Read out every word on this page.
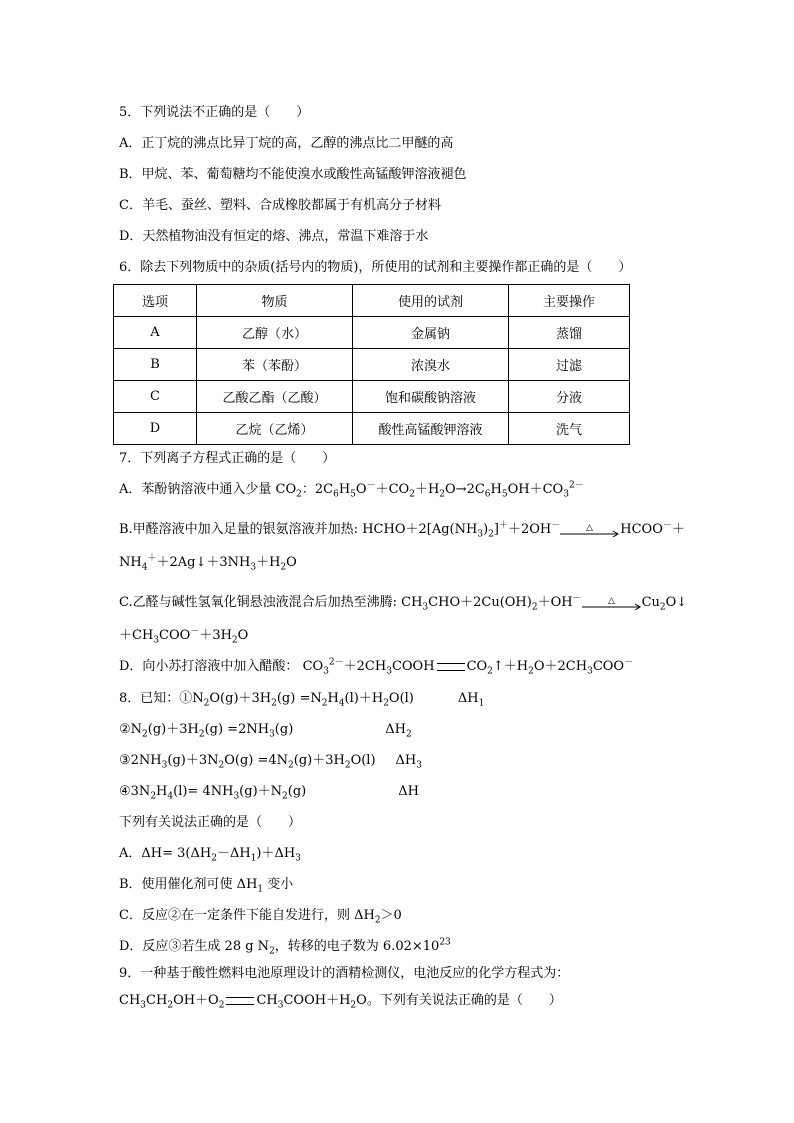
5．下列说法不正确的是（　　）
A．正丁烷的沸点比异丁烷的高，乙醇的沸点比二甲醚的高
B．甲烷、苯、葡萄糖均不能使溴水或酸性高锰酸钾溶液褪色
C．羊毛、蚕丝、塑料、合成橡胶都属于有机高分子材料
D．天然植物油没有恒定的熔、沸点，常温下难溶于水
6．除去下列物质中的杂质(括号内的物质)，所使用的试剂和主要操作都正确的是（　　）
选项	物质	使用的试剂	主要操作
A	乙醇（水）	金属钠	蒸馏
B	苯（苯酚）	浓溴水	过滤
C	乙酸乙酯（乙酸）	饱和碳酸钠溶液	分液
D	乙烷（乙烯）	酸性高锰酸钾溶液	洗气
7．下列离子方程式正确的是（　　）
A．苯酚钠溶液中通入少量 $CO_2$：$2C_6H_5O^-+CO_2+H_2O\to 2C_6H_5OH+CO_3^{2-}$
B.甲醛溶液中加入足量的银氨溶液并加热: $HCHO+2[Ag(NH_3)_2]^++2OH^-$	△ HCOO－＋
$NH_4^++2Ag↓+3NH_3+H_2O$
C.乙醛与碱性氢氧化铜悬浊液混合后加热至沸腾: $CH_3CHO+2Cu(OH)_2+OH^-$	△ $Cu_2O↓$
$+CH_3COO^-+3H_2O$
D．向小苏打溶液中加入醋酸： $CO_3^{2-}+2CH_3COOH$ $CO_2↑+H_2O+2CH_3COO^-$
8．已知：$①N_2O(g)+3H_2(g) =N_2H_4(l)+H_2O(l)$	$\Delta H_1$
$②N_2(g)+3H_2(g) =2NH_3(g)$	$\Delta H_2$
$③2NH_3(g)+3N_2O(g) =4N_2(g)+3H_2O(l)$ $\Delta H_3$
$④3N_2H_4(l)= 4NH_3(g)+N_2(g)$	ΔH
下列有关说法正确的是（　　）
A．$\Delta H= 3(\Delta H_2-\Delta H_1)+\Delta H_3$
B．使用催化剂可使 $\Delta H_1$ 变小
C．反应②在一定条件下能自发进行，则 $\Delta H_2>0$
D．反应③若生成 28 g $N_2$，转移的电子数为 $6.02\times 10^{23}$
9．一种基于酸性燃料电池原理设计的酒精检测仪，电池反应的化学方程式为：
$CH_3CH_2OH+O_2$ $CH_3COOH+H_2O$。下列有关说法正确的是（　　）
